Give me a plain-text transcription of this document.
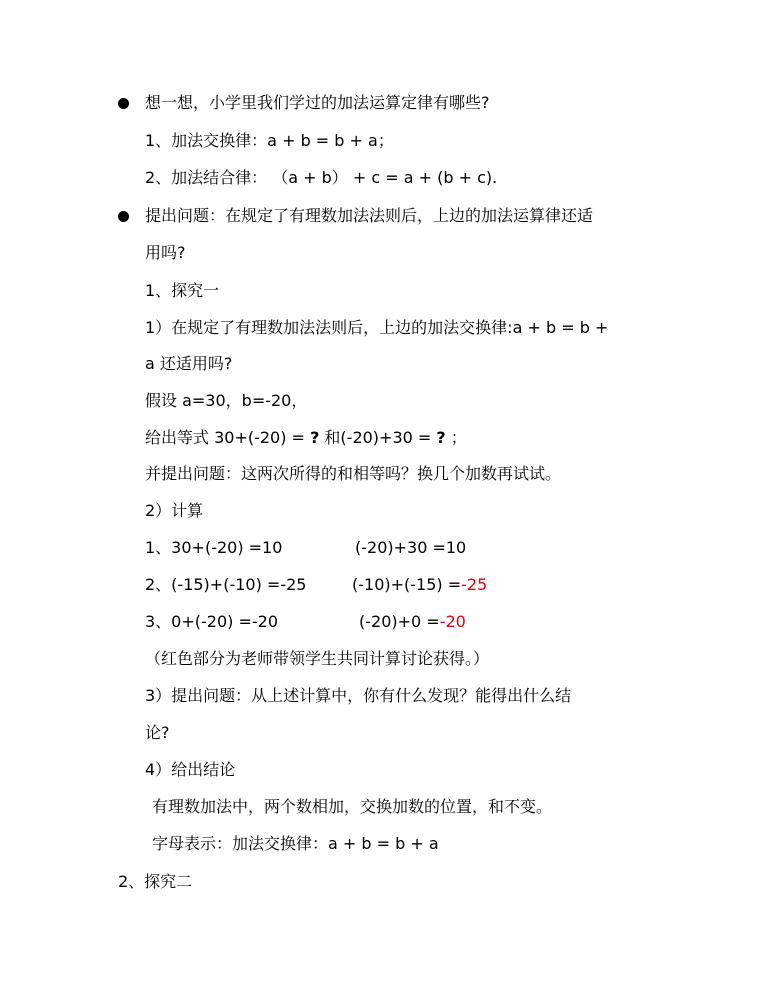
想一想，小学里我们学过的加法运算定律有哪些?
1、加法交换律：a + b = b + a；
2、加法结合律： （a + b） + c = a + (b + c).
提出问题：在规定了有理数加法法则后，上边的加法运算律还适
用吗?
1、探究一
1）在规定了有理数加法法则后，上边的加法交换律:a + b = b +
a 还适用吗?
假设 a=30，b=-20，
给出等式 30+(-20) = ? 和(-20)+30 = ? ；
并提出问题：这两次所得的和相等吗？换几个加数再试试。
2）计算
1、30+(-20) =10	(-20)+30 =10
2、(-15)+(-10) =-25	(-10)+(-15) =-25
3、0+(-20) =-20	(-20)+0 =-20
（红色部分为老师带领学生共同计算讨论获得。）
3）提出问题：从上述计算中，你有什么发现？能得出什么结
论?
4）给出结论
有理数加法中，两个数相加，交换加数的位置，和不变。
字母表示：加法交换律：a + b = b + a
2、探究二
